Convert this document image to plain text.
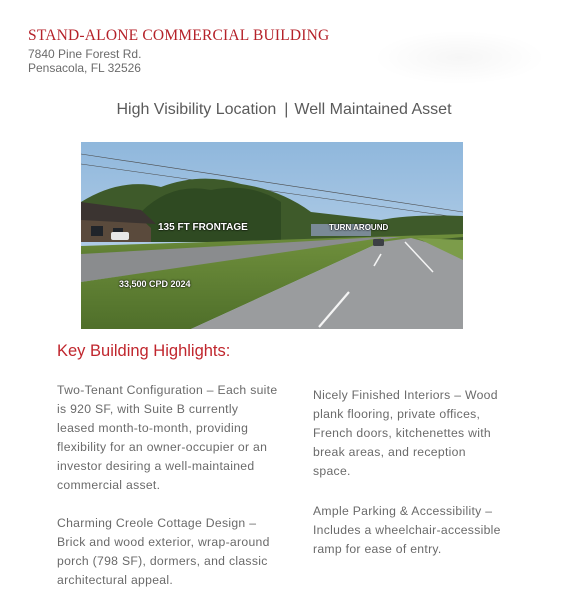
STAND-ALONE COMMERCIAL BUILDING
7840 Pine Forest Rd.
Pensacola, FL 32526
High Visibility Location | Well Maintained Asset
135 FT FRONTAGE	TURN AROUND
33,500 CPD 2024
Key Building Highlights:

Two-Tenant Configuration – Each suite
is 920 SF, with Suite B currently
leased month-to-month, providing
flexibility for an owner-occupier or an
investor desiring a well-maintained
commercial asset.

Charming Creole Cottage Design –
Brick and wood exterior, wrap-around
porch (798 SF), dormers, and classic
architectural appeal.

Nicely Finished Interiors – Wood
plank flooring, private offices,
French doors, kitchenettes with
break areas, and reception
space.

Ample Parking & Accessibility –
Includes a wheelchair-accessible
ramp for ease of entry.
